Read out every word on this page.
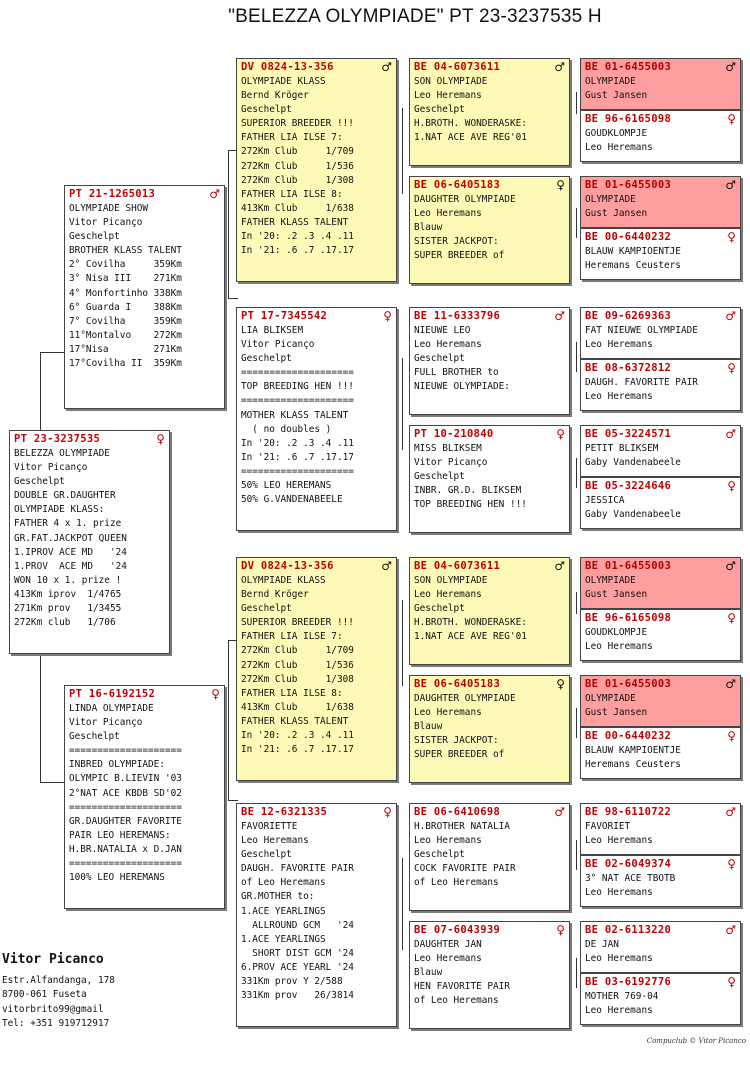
"BELEZZA OLYMPIADE" PT 23-3237535 H
PT 23-3237535	♀
BELEZZA OLYMPIADE
Vitor Picanço
Geschelpt
DOUBLE GR.DAUGHTER
OLYMPIADE KLASS:
FATHER 4 x 1. prize
GR.FAT.JACKPOT QUEEN
1.IPROV ACE MD   '24
1.PROV  ACE MD   '24
WON 10 x 1. prize !
413Km iprov  1/4765
271Km prov   1/3455
272Km club   1/706
PT 21-1265013	♂
OLYMPIADE SHOW
Vitor Picanço
Geschelpt
BROTHER KLASS TALENT
2° Covilha     359Km
3° Nisa III    271Km
4° Monfortinho 338Km
6° Guarda I    388Km
7° Covilha     359Km
11°Montalvo    272Km
17°Nisa        271Km
17°Covilha II  359Km
PT 16-6192152	♀
LINDA OLYMPIADE
Vitor Picanço
Geschelpt
====================
INBRED OLYMPIADE:
OLYMPIC B.LIEVIN '03
2°NAT ACE KBDB SD'02
====================
GR.DAUGHTER FAVORITE
PAIR LEO HEREMANS:
H.BR.NATALIA x D.JAN
====================
100% LEO HEREMANS
DV 0824-13-356	♂
OLYMPIADE KLASS
Bernd Kröger
Geschelpt
SUPERIOR BREEDER !!!
FATHER LIA ILSE 7:
272Km Club     1/709
272Km Club     1/536
272Km Club     1/308
FATHER LIA ILSE 8:
413Km Club     1/638
FATHER KLASS TALENT
In '20: .2 .3 .4 .11
In '21: .6 .7 .17.17
PT 17-7345542	♀
LIA BLIKSEM
Vitor Picanço
Geschelpt
====================
TOP BREEDING HEN !!!
====================
MOTHER KLASS TALENT
( no doubles )
In '20: .2 .3 .4 .11
In '21: .6 .7 .17.17
====================
50% LEO HEREMANS
50% G.VANDENABEELE
DV 0824-13-356	♂
OLYMPIADE KLASS
Bernd Kröger
Geschelpt
SUPERIOR BREEDER !!!
FATHER LIA ILSE 7:
272Km Club     1/709
272Km Club     1/536
272Km Club     1/308
FATHER LIA ILSE 8:
413Km Club     1/638
FATHER KLASS TALENT
In '20: .2 .3 .4 .11
In '21: .6 .7 .17.17
BE 12-6321335	♀
FAVORIETTE
Leo Heremans
Geschelpt
DAUGH. FAVORITE PAIR
of Leo Heremans
GR.MOTHER to:
1.ACE YEARLINGS
ALLROUND GCM   '24
1.ACE YEARLINGS
SHORT DIST GCM '24
6.PROV ACE YEARL '24
331Km prov Y 2/588
331Km prov   26/3814
BE 04-6073611	♂
SON OLYMPIADE
Leo Heremans
Geschelpt
H.BROTH. WONDERASKE:
1.NAT ACE AVE REG'01
BE 06-6405183	♀
DAUGHTER OLYMPIADE
Leo Heremans
Blauw
SISTER JACKPOT:
SUPER BREEDER of
BE 11-6333796	♂
NIEUWE LEO
Leo Heremans
Geschelpt
FULL BROTHER to
NIEUWE OLYMPIADE:
PT 10-210840	♀
MISS BLIKSEM
Vitor Picanço
Geschelpt
INBR. GR.D. BLIKSEM
TOP BREEDING HEN !!!
BE 04-6073611	♂
SON OLYMPIADE
Leo Heremans
Geschelpt
H.BROTH. WONDERASKE:
1.NAT ACE AVE REG'01
BE 06-6405183	♀
DAUGHTER OLYMPIADE
Leo Heremans
Blauw
SISTER JACKPOT:
SUPER BREEDER of
BE 06-6410698	♂
H.BROTHER NATALIA
Leo Heremans
Geschelpt
COCK FAVORITE PAIR
of Leo Heremans
BE 07-6043939	♀
DAUGHTER JAN
Leo Heremans
Blauw
HEN FAVORITE PAIR
of Leo Heremans
BE 01-6455003	♂
OLYMPIADE
Gust Jansen
BE 96-6165098	♀
GOUDKLOMPJE
Leo Heremans
BE 01-6455003	♂
OLYMPIADE
Gust Jansen
BE 00-6440232	♀
BLAUW KAMPIOENTJE
Heremans Ceusters
BE 09-6269363	♂
FAT NIEUWE OLYMPIADE
Leo Heremans
BE 08-6372812	♀
DAUGH. FAVORITE PAIR
Leo Heremans
BE 05-3224571	♂
PETIT BLIKSEM
Gaby Vandenabeele
BE 05-3224646	♀
JESSICA
Gaby Vandenabeele
BE 01-6455003	♂
OLYMPIADE
Gust Jansen
BE 96-6165098	♀
GOUDKLOMPJE
Leo Heremans
BE 01-6455003	♂
OLYMPIADE
Gust Jansen
BE 00-6440232	♀
BLAUW KAMPIOENTJE
Heremans Ceusters
BE 98-6110722	♂
FAVORIET
Leo Heremans
BE 02-6049374	♀
3° NAT ACE TBOTB
Leo Heremans
BE 02-6113220	♂
DE JAN
Leo Heremans
BE 03-6192776	♀
MOTHER 769-04
Leo Heremans
Vitor Picanco
Estr.Alfandanga, 178
8700-061 Fuseta
vitorbrito99@gmail
Tel: +351 919712917
Compuclub © Vitor Picanco
